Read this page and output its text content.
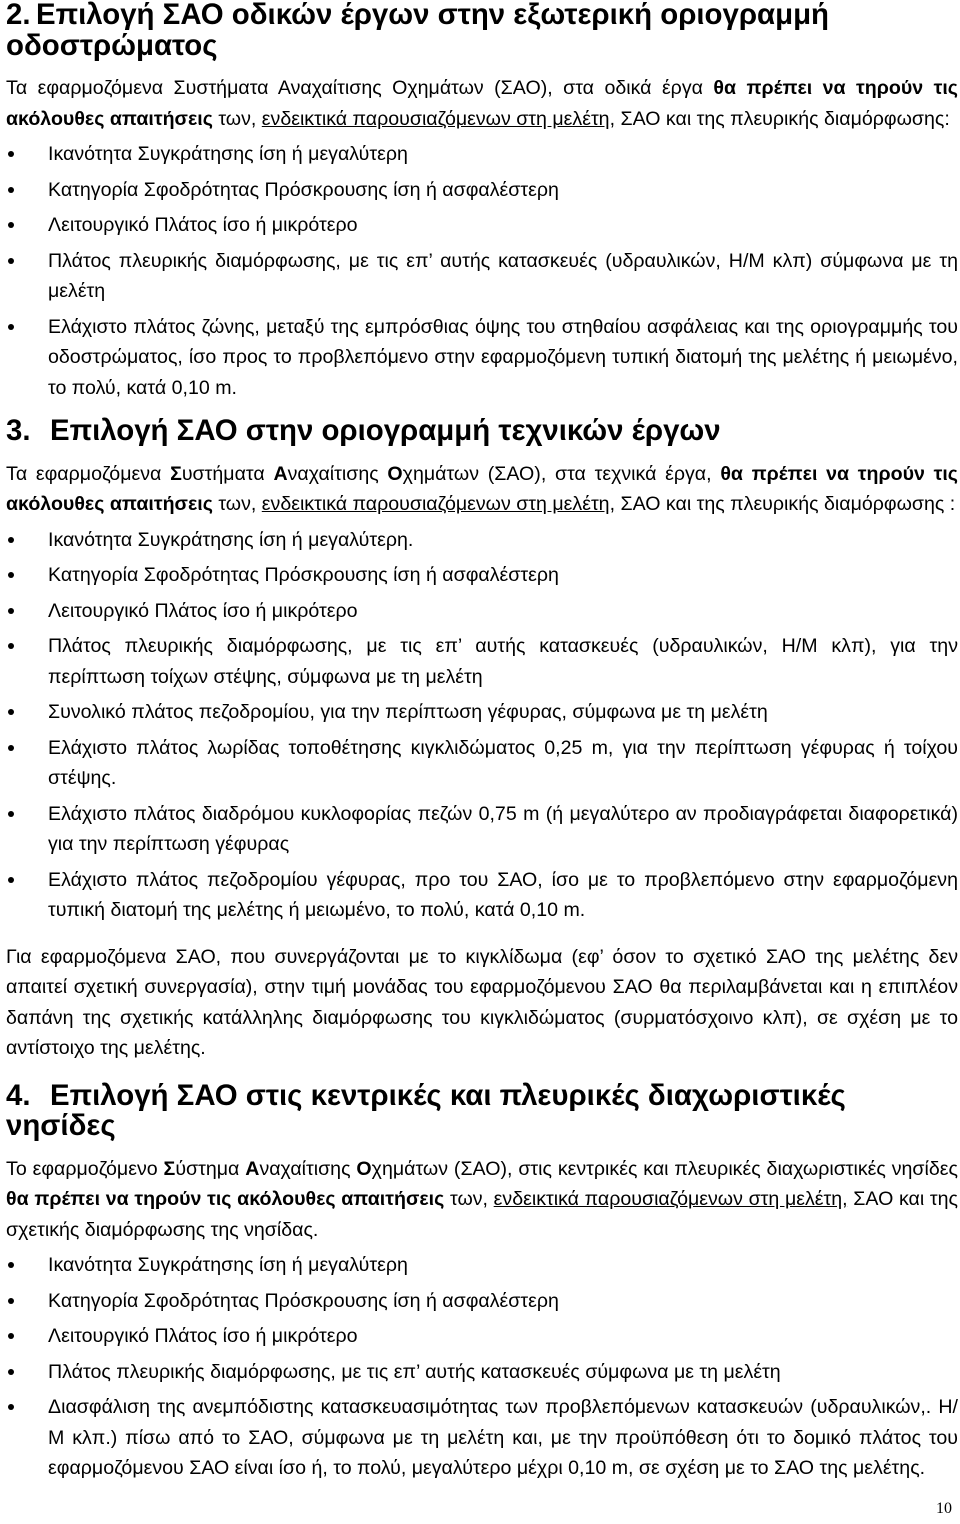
2. Επιλογή ΣΑΟ οδικών έργων στην εξωτερική οριογραμμή οδοστρώματος

Τα εφαρμοζόμενα Συστήματα Αναχαίτισης Οχημάτων (ΣΑΟ), στα οδικά έργα θα πρέπει να τηρούν τις ακόλουθες απαιτήσεις των, ενδεικτικά παρουσιαζόμενων στη μελέτη, ΣΑΟ και της πλευρικής διαμόρφωσης:

Ικανότητα Συγκράτησης ίση ή μεγαλύτερη
Κατηγορία Σφοδρότητας Πρόσκρουσης ίση ή ασφαλέστερη
Λειτουργικό Πλάτος ίσο ή μικρότερο
Πλάτος πλευρικής διαμόρφωσης, με τις επ’ αυτής κατασκευές (υδραυλικών, Η/Μ κλπ) σύμφωνα με τη μελέτη
Ελάχιστο πλάτος ζώνης, μεταξύ της εμπρόσθιας όψης του στηθαίου ασφάλειας και της οριογραμμής του οδοστρώματος, ίσο προς το προβλεπόμενο στην εφαρμοζόμενη τυπική διατομή της μελέτης ή μειωμένο, το πολύ, κατά 0,10 m.
3. Επιλογή ΣΑΟ στην οριογραμμή τεχνικών έργων

Τα εφαρμοζόμενα Συστήματα Αναχαίτισης Οχημάτων (ΣΑΟ), στα τεχνικά έργα, θα πρέπει να τηρούν τις ακόλουθες απαιτήσεις των, ενδεικτικά παρουσιαζόμενων στη μελέτη, ΣΑΟ και της πλευρικής διαμόρφωσης :

Ικανότητα Συγκράτησης ίση ή μεγαλύτερη.
Κατηγορία Σφοδρότητας Πρόσκρουσης ίση ή ασφαλέστερη
Λειτουργικό Πλάτος ίσο ή μικρότερο
Πλάτος πλευρικής διαμόρφωσης, με τις επ’ αυτής κατασκευές (υδραυλικών, Η/Μ κλπ), για την περίπτωση τοίχων στέψης, σύμφωνα με τη μελέτη
Συνολικό πλάτος πεζοδρομίου, για την περίπτωση γέφυρας, σύμφωνα με τη μελέτη
Ελάχιστο πλάτος λωρίδας τοποθέτησης κιγκλιδώματος 0,25 m, για την περίπτωση γέφυρας ή τοίχου στέψης.
Ελάχιστο πλάτος διαδρόμου κυκλοφορίας πεζών 0,75 m (ή μεγαλύτερο αν προδιαγράφεται διαφορετικά) για την περίπτωση γέφυρας
Ελάχιστο πλάτος πεζοδρομίου γέφυρας, προ του ΣΑΟ, ίσο με το προβλεπόμενο στην εφαρμοζόμενη τυπική διατομή της μελέτης ή μειωμένο, το πολύ, κατά 0,10 m.

Για εφαρμοζόμενα ΣΑΟ, που συνεργάζονται με το κιγκλίδωμα (εφ’ όσον το σχετικό ΣΑΟ της μελέτης δεν απαιτεί σχετική συνεργασία), στην τιμή μονάδας του εφαρμοζόμενου ΣΑΟ θα περιλαμβάνεται και η επιπλέον δαπάνη της σχετικής κατάλληλης διαμόρφωσης του κιγκλιδώματος (συρματόσχοινο κλπ), σε σχέση με το αντίστοιχο της μελέτης.

4. Επιλογή ΣΑΟ στις κεντρικές και πλευρικές διαχωριστικές νησίδες

Το εφαρμοζόμενο Σύστημα Αναχαίτισης Οχημάτων (ΣΑΟ), στις κεντρικές και πλευρικές διαχωριστικές νησίδες θα πρέπει να τηρούν τις ακόλουθες απαιτήσεις των, ενδεικτικά παρουσιαζόμενων στη μελέτη, ΣΑΟ και της σχετικής διαμόρφωσης της νησίδας.

Ικανότητα Συγκράτησης ίση ή μεγαλύτερη
Κατηγορία Σφοδρότητας Πρόσκρουσης ίση ή ασφαλέστερη
Λειτουργικό Πλάτος ίσο ή μικρότερο
Πλάτος πλευρικής διαμόρφωσης, με τις επ’ αυτής κατασκευές σύμφωνα με τη μελέτη
Διασφάλιση της ανεμπόδιστης κατασκευασιμότητας των προβλεπόμενων κατασκευών (υδραυλικών,. Η/Μ κλπ.) πίσω από το ΣΑΟ, σύμφωνα με τη μελέτη και, με την προϋπόθεση ότι το δομικό πλάτος του εφαρμοζόμενου ΣΑΟ είναι ίσο ή, το πολύ, μεγαλύτερο μέχρι 0,10 m, σε σχέση με το ΣΑΟ της μελέτης.
10
